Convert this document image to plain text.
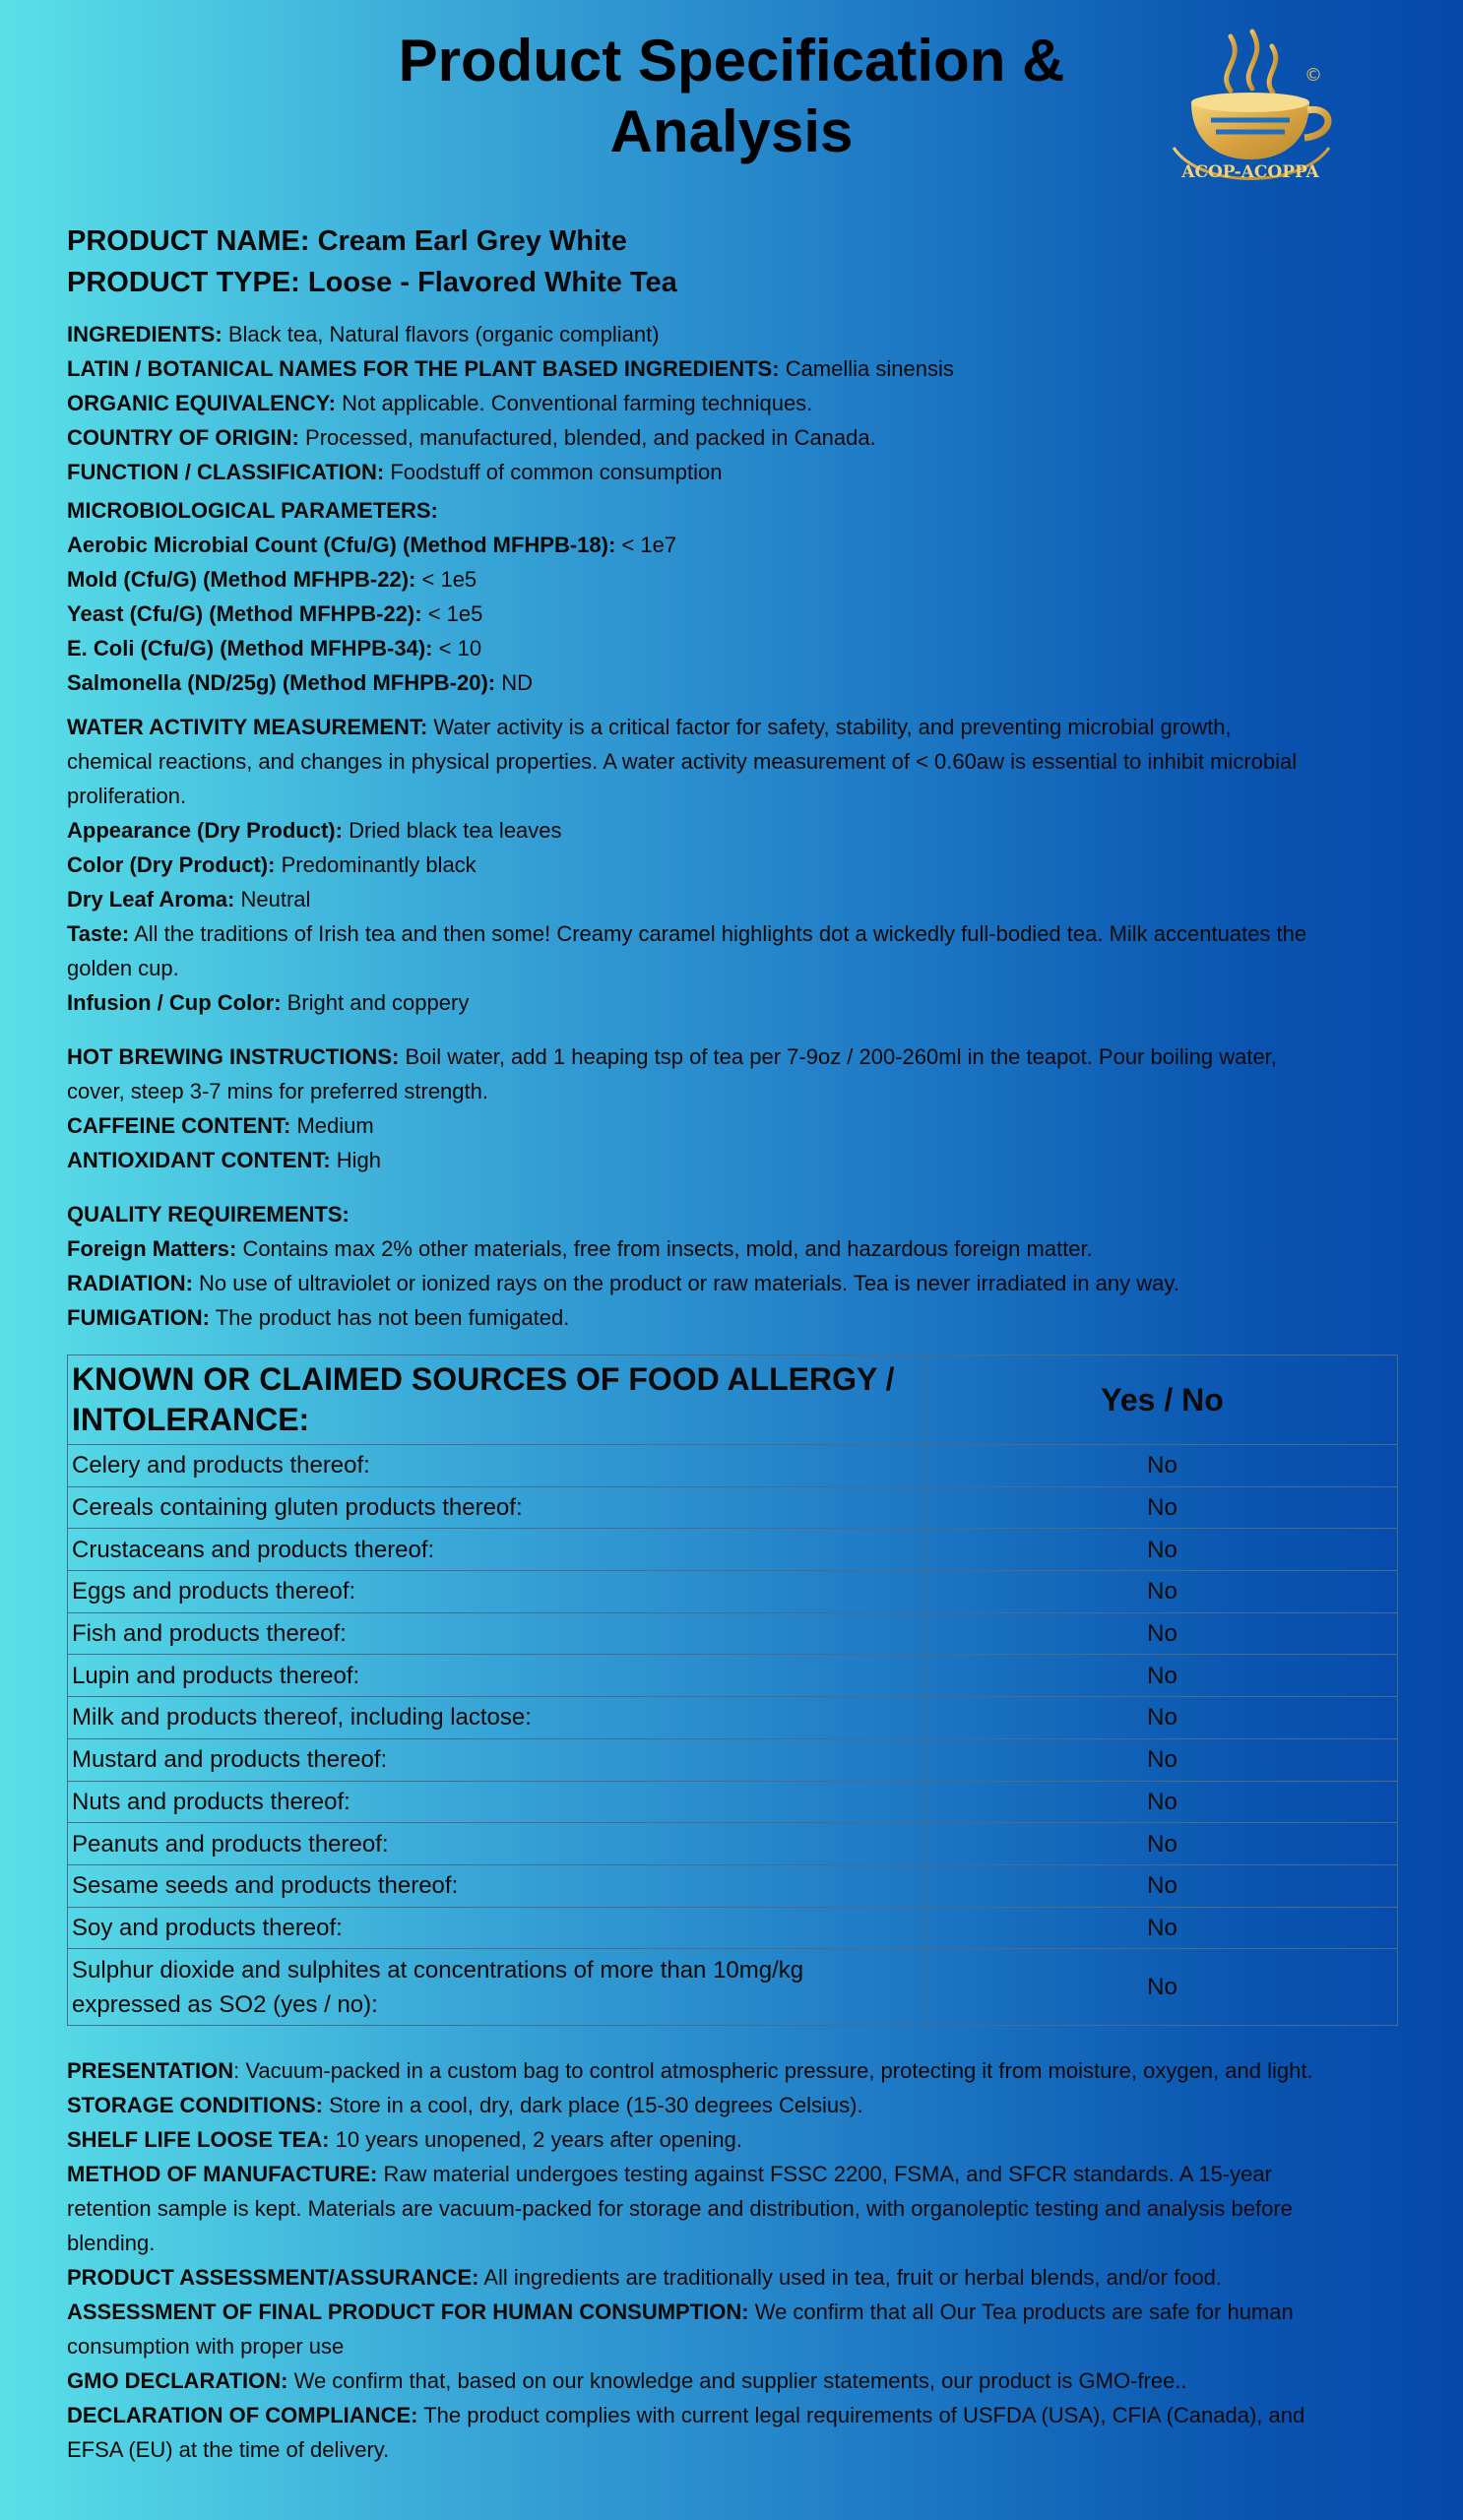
Product Specification &
Analysis
©
ACOP-ACOPPA
PRODUCT NAME: Cream Earl Grey White
PRODUCT TYPE: Loose - Flavored White Tea
INGREDIENTS: Black tea, Natural flavors (organic compliant)
LATIN / BOTANICAL NAMES FOR THE PLANT BASED INGREDIENTS: Camellia sinensis
ORGANIC EQUIVALENCY: Not applicable. Conventional farming techniques.
COUNTRY OF ORIGIN: Processed, manufactured, blended, and packed in Canada.
FUNCTION / CLASSIFICATION: Foodstuff of common consumption
MICROBIOLOGICAL PARAMETERS:
Aerobic Microbial Count (Cfu/G) (Method MFHPB-18): < 1e7
Mold (Cfu/G) (Method MFHPB-22): < 1e5
Yeast (Cfu/G) (Method MFHPB-22): < 1e5
E. Coli (Cfu/G) (Method MFHPB-34): < 10
Salmonella (ND/25g) (Method MFHPB-20): ND
WATER ACTIVITY MEASUREMENT: Water activity is a critical factor for safety, stability, and preventing microbial growth,
chemical reactions, and changes in physical properties. A water activity measurement of < 0.60aw is essential to inhibit microbial
proliferation.
Appearance (Dry Product): Dried black tea leaves
Color (Dry Product): Predominantly black
Dry Leaf Aroma: Neutral
Taste: All the traditions of Irish tea and then some! Creamy caramel highlights dot a wickedly full-bodied tea. Milk accentuates the
golden cup.
Infusion / Cup Color: Bright and coppery
HOT BREWING INSTRUCTIONS: Boil water, add 1 heaping tsp of tea per 7-9oz / 200-260ml in the teapot. Pour boiling water,
cover, steep 3-7 mins for preferred strength.
CAFFEINE CONTENT: Medium
ANTIOXIDANT CONTENT: High
QUALITY REQUIREMENTS:
Foreign Matters: Contains max 2% other materials, free from insects, mold, and hazardous foreign matter.
RADIATION: No use of ultraviolet or ionized rays on the product or raw materials. Tea is never irradiated in any way.
FUMIGATION: The product has not been fumigated.
KNOWN OR CLAIMED SOURCES OF FOOD ALLERGY /
INTOLERANCE:	Yes / No
Celery and products thereof:	No
Cereals containing gluten products thereof:	No
Crustaceans and products thereof:	No
Eggs and products thereof:	No
Fish and products thereof:	No
Lupin and products thereof:	No
Milk and products thereof, including lactose:	No
Mustard and products thereof:	No
Nuts and products thereof:	No
Peanuts and products thereof:	No
Sesame seeds and products thereof:	No
Soy and products thereof:	No
Sulphur dioxide and sulphites at concentrations of more than 10mg/kg
expressed as SO2 (yes / no):	No
PRESENTATION: Vacuum-packed in a custom bag to control atmospheric pressure, protecting it from moisture, oxygen, and light.
STORAGE CONDITIONS: Store in a cool, dry, dark place (15-30 degrees Celsius).
SHELF LIFE LOOSE TEA: 10 years unopened, 2 years after opening.
METHOD OF MANUFACTURE: Raw material undergoes testing against FSSC 2200, FSMA, and SFCR standards. A 15-year
retention sample is kept. Materials are vacuum-packed for storage and distribution, with organoleptic testing and analysis before
blending.
PRODUCT ASSESSMENT/ASSURANCE: All ingredients are traditionally used in tea, fruit or herbal blends, and/or food.
ASSESSMENT OF FINAL PRODUCT FOR HUMAN CONSUMPTION: We confirm that all Our Tea products are safe for human
consumption with proper use
GMO DECLARATION: We confirm that, based on our knowledge and supplier statements, our product is GMO-free..
DECLARATION OF COMPLIANCE: The product complies with current legal requirements of USFDA (USA), CFIA (Canada), and
EFSA (EU) at the time of delivery.
